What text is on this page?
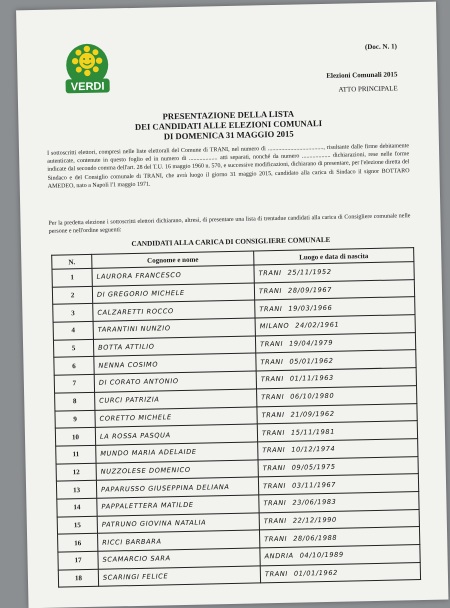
VERDI
(Doc. N. 1)
Elezioni Comunali 2015
ATTO PRINCIPALE
PRESENTAZIONE DELLA LISTA
DEI CANDIDATI ALLE ELEZIONI COMUNALI
DI DOMENICA 31 MAGGIO 2015
I sottoscritti elettori, compresi nelle liste elettorali del Comune di TRANI, nel numero di ....................................., risultante dalle firme debitamente autenticate, contenute in questo foglio ed in numero di ................... atti separati, nonché da numero ................... dichiarazioni, rese nelle forme indicate dal secondo comma dell'art. 28 del T.U. 16 maggio 1960 n. 570, e successive modificazioni, dichiarano di presentare, per l'elezione diretta del Sindaco e del Consiglio comunale di TRANI, che avrà luogo il giorno 31 maggio 2015, candidato alla carica di Sindaco il signor BOTTARO AMEDEO, nato a Napoli l'1 maggio 1971.
Per la predetta elezione i sottoscritti elettori dichiarano, altresì, di presentare una lista di trentadue candidati alla carica di Consigliere comunale nelle persone e nell'ordine seguenti:
CANDIDATI ALLA CARICA DI CONSIGLIERE COMUNALE
N.	Cognome e nome	Luogo e data di nascita
1	LAURORA FRANCESCO	TRANI 25/11/1952
2	DI GREGORIO MICHELE	TRANI 28/09/1967
3	CALZARETTI ROCCO	TRANI 19/03/1966
4	TARANTINI NUNZIO	MILANO 24/02/1961
5	BOTTA ATTILIO	TRANI 19/04/1979
6	NENNA COSIMO	TRANI 05/01/1962
7	DI CORATO ANTONIO	TRANI 01/11/1963
8	CURCI PATRIZIA	TRANI 06/10/1980
9	CORETTO MICHELE	TRANI 21/09/1962
10	LA ROSSA PASQUA	TRANI 15/11/1981
11	MUNDO MARIA ADELAIDE	TRANI 10/12/1974
12	NUZZOLESE DOMENICO	TRANI 09/05/1975
13	PAPARUSSO GIUSEPPINA DELIANA	TRANI 03/11/1967
14	PAPPALETTERA MATILDE	TRANI 23/06/1983
15	PATRUNO GIOVINA NATALIA	TRANI 22/12/1990
16	RICCI BARBARA	TRANI 28/06/1988
17	SCAMARCIO SARA	ANDRIA 04/10/1989
18	SCARINGI FELICE	TRANI 01/01/1962
